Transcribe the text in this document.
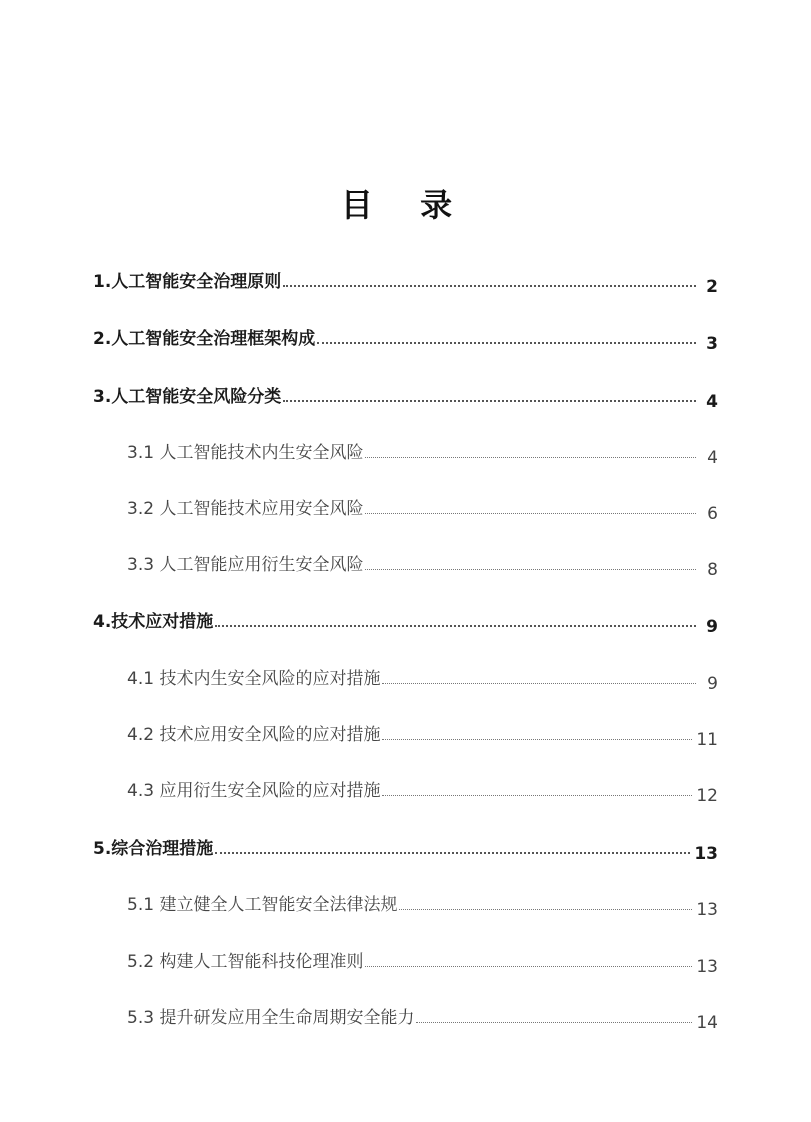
目 录
1.人工智能安全治理原则	2
2.人工智能安全治理框架构成	3
3.人工智能安全风险分类	4
3.1 人工智能技术内生安全风险	4
3.2 人工智能技术应用安全风险	6
3.3 人工智能应用衍生安全风险	8
4.技术应对措施	9
4.1 技术内生安全风险的应对措施	9
4.2 技术应用安全风险的应对措施	11
4.3 应用衍生安全风险的应对措施	12
5.综合治理措施	13
5.1 建立健全人工智能安全法律法规	13
5.2 构建人工智能科技伦理准则	13
5.3 提升研发应用全生命周期安全能力	14
